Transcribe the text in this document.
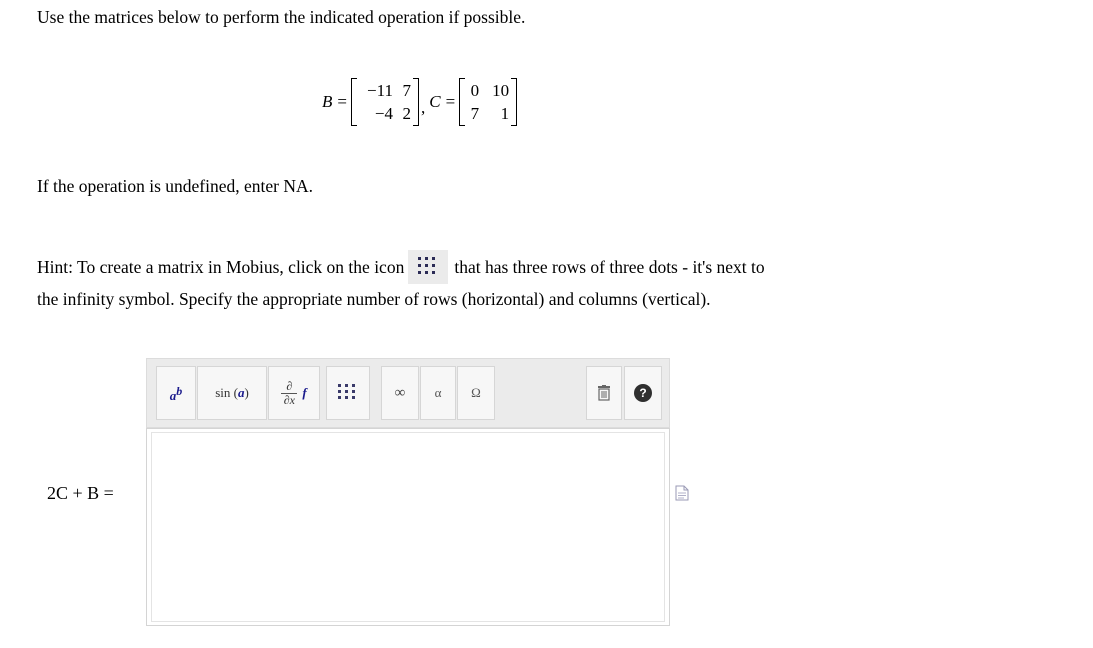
Use the matrices below to perform the indicated operation if possible.
B =
−11 7
−4 2 , C =
0 10
7	1
If the operation is undefined, enter NA.
Hint: To create a matrix in Mobius, click on the icon	that has three rows of three dots - it's next to
the infinity symbol. Specify the appropriate number of rows (horizontal) and columns (vertical).
$a^b$	sin ( a )	∂
∂x f	∞ α Ω	?
2C + B =
